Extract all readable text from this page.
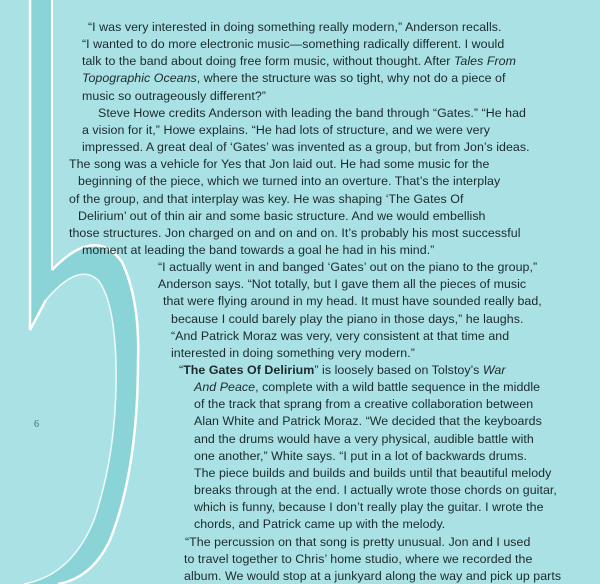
6
“I was very interested in doing something really modern,” Anderson recalls.
“I wanted to do more electronic music—something radically different. I would
talk to the band about doing free form music, without thought. After Tales From
Topographic Oceans, where the structure was so tight, why not do a piece of
music so outrageously different?”
Steve Howe credits Anderson with leading the band through “Gates.” “He had
a vision for it,” Howe explains. “He had lots of structure, and we were very
impressed. A great deal of ‘Gates’ was invented as a group, but from Jon’s ideas.
The song was a vehicle for Yes that Jon laid out. He had some music for the
beginning of the piece, which we turned into an overture. That’s the interplay
of the group, and that interplay was key. He was shaping ‘The Gates Of
Delirium’ out of thin air and some basic structure. And we would embellish
those structures. Jon charged on and on and on. It’s probably his most successful
moment at leading the band towards a goal he had in his mind.”
“I actually went in and banged ‘Gates’ out on the piano to the group,”
Anderson says. “Not totally, but I gave them all the pieces of music
that were flying around in my head. It must have sounded really bad,
because I could barely play the piano in those days,” he laughs.
“And Patrick Moraz was very, very consistent at that time and
interested in doing something very modern.”
“The Gates Of Delirium” is loosely based on Tolstoy’s War
And Peace, complete with a wild battle sequence in the middle
of the track that sprang from a creative collaboration between
Alan White and Patrick Moraz. “We decided that the keyboards
and the drums would have a very physical, audible battle with
one another,” White says. “I put in a lot of backwards drums.
The piece builds and builds and builds until that beautiful melody
breaks through at the end. I actually wrote those chords on guitar,
which is funny, because I don’t really play the guitar. I wrote the
chords, and Patrick came up with the melody.
“The percussion on that song is pretty unusual. Jon and I used
to travel together to Chris’ home studio, where we recorded the
album. We would stop at a junkyard along the way and pick up parts
